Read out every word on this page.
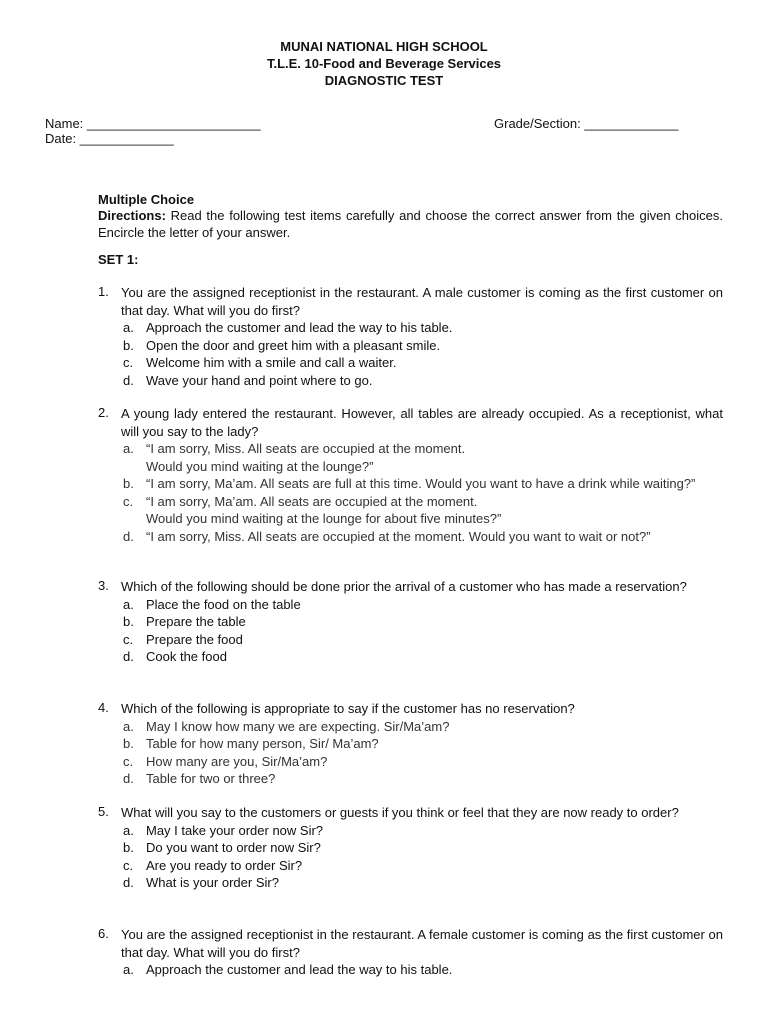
MUNAI NATIONAL HIGH SCHOOL
T.L.E. 10-Food and Beverage Services
DIAGNOSTIC TEST
Name: ________________________	Grade/Section: _____________
Date: _____________
Multiple Choice
Directions: Read the following test items carefully and choose the correct answer from the given choices. Encircle the letter of your answer.
SET 1:
1. You are the assigned receptionist in the restaurant. A male customer is coming as the first customer on that day. What will you do first?
a. Approach the customer and lead the way to his table.
b. Open the door and greet him with a pleasant smile.
c. Welcome him with a smile and call a waiter.
d. Wave your hand and point where to go.
2. A young lady entered the restaurant. However, all tables are already occupied. As a receptionist, what will you say to the lady?
a. “I am sorry, Miss. All seats are occupied at the moment.
Would you mind waiting at the lounge?”
b. “I am sorry, Ma’am. All seats are full at this time. Would you want to have a drink while waiting?”
c. “I am sorry, Ma’am. All seats are occupied at the moment.
Would you mind waiting at the lounge for about five minutes?”
d. “I am sorry, Miss. All seats are occupied at the moment. Would you want to wait or not?”
3. Which of the following should be done prior the arrival of a customer who has made a reservation?
a. Place the food on the table
b. Prepare the table
c. Prepare the food
d. Cook the food
4. Which of the following is appropriate to say if the customer has no reservation?
a. May I know how many we are expecting. Sir/Ma’am?
b. Table for how many person, Sir/ Ma’am?
c. How many are you, Sir/Ma’am?
d. Table for two or three?
5. What will you say to the customers or guests if you think or feel that they are now ready to order?
a. May I take your order now Sir?
b. Do you want to order now Sir?
c. Are you ready to order Sir?
d. What is your order Sir?
6. You are the assigned receptionist in the restaurant. A female customer is coming as the first customer on that day. What will you do first?
a. Approach the customer and lead the way to his table.
